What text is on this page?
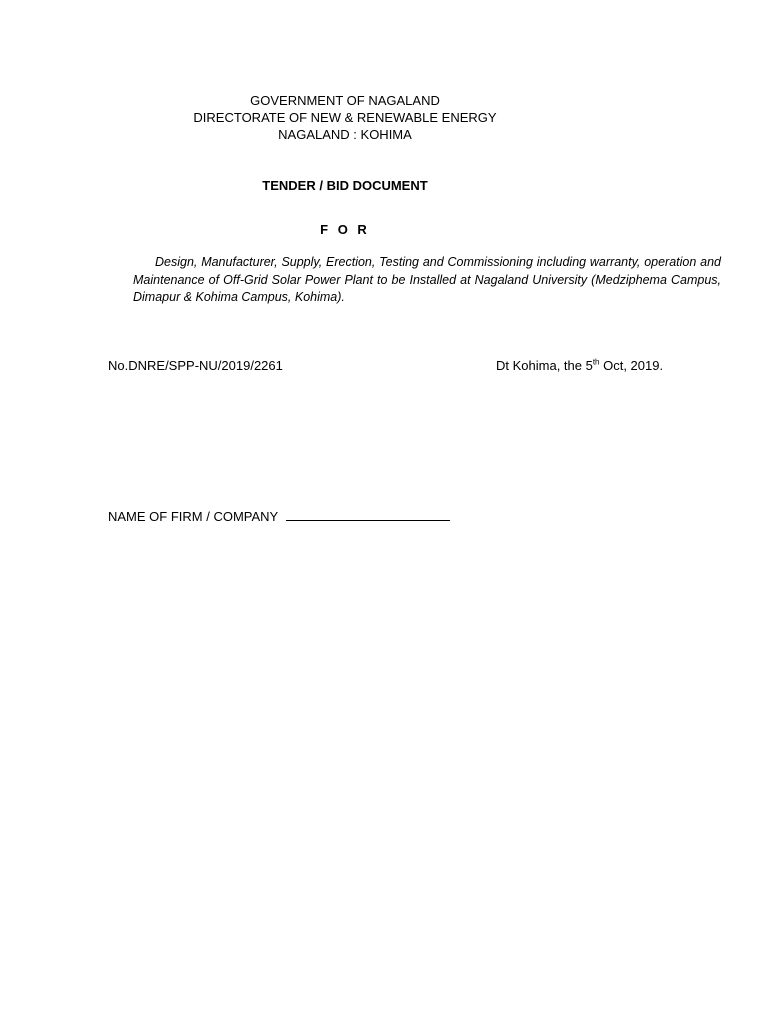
GOVERNMENT OF NAGALAND
DIRECTORATE OF NEW & RENEWABLE ENERGY
NAGALAND : KOHIMA
TENDER / BID DOCUMENT
F O R
Design, Manufacturer, Supply, Erection, Testing and Commissioning including warranty, operation and Maintenance of Off-Grid Solar Power Plant to be Installed at Nagaland University (Medziphema Campus, Dimapur & Kohima Campus, Kohima).
No.DNRE/SPP-NU/2019/2261	Dt Kohima, the 5th Oct, 2019.
NAME OF FIRM / COMPANY
